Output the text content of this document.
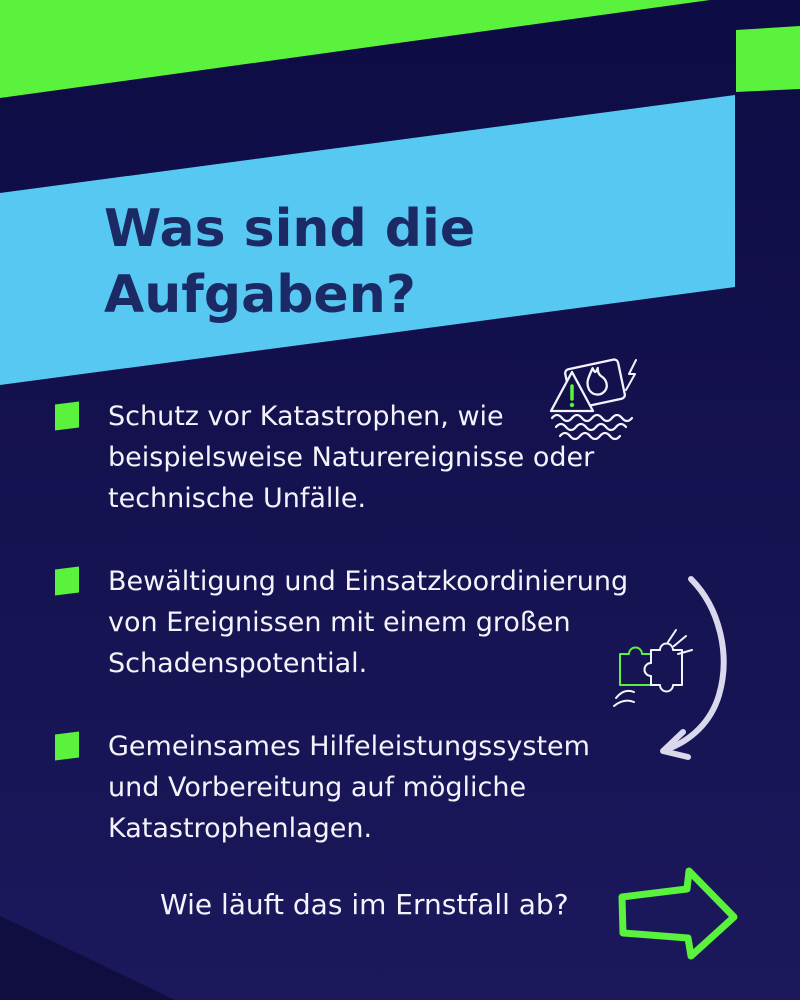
Was sind die
Aufgaben?
Schutz vor Katastrophen, wie
beispielsweise Naturereignisse oder
technische Unfälle.
Bewältigung und Einsatzkoordinierung
von Ereignissen mit einem großen
Schadenspotential.
Gemeinsames Hilfeleistungssystem
und Vorbereitung auf mögliche
Katastrophenlagen.
Wie läuft das im Ernstfall ab?
